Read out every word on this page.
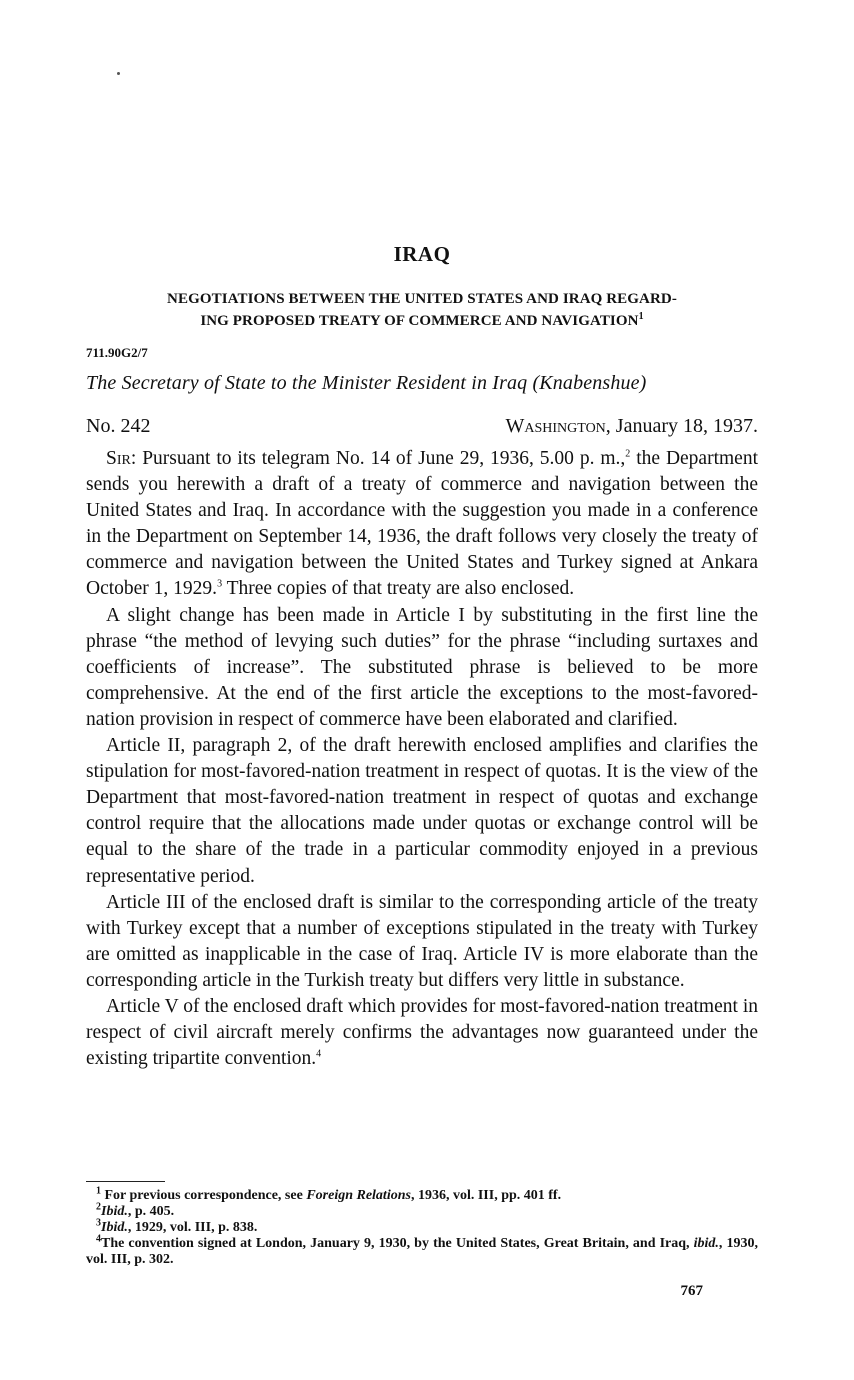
IRAQ
NEGOTIATIONS BETWEEN THE UNITED STATES AND IRAQ REGARD-
ING PROPOSED TREATY OF COMMERCE AND NAVIGATION$^1$
711.90G2/7
The Secretary of State to the Minister Resident in Iraq (Knabenshue)
No. 242	Washington, January 18, 1937.

Sir: Pursuant to its telegram No. 14 of June 29, 1936, 5.00 p. m.,$^2$ the Department sends you herewith a draft of a treaty of commerce and navigation between the United States and Iraq. In accordance with the suggestion you made in a conference in the Department on September 14, 1936, the draft follows very closely the treaty of commerce and navigation between the United States and Turkey signed at Ankara October 1, 1929.$^3$ Three copies of that treaty are also enclosed.

A slight change has been made in Article I by substituting in the first line the phrase “the method of levying such duties” for the phrase “including surtaxes and coefficients of increase”. The substituted phrase is believed to be more comprehensive. At the end of the first article the exceptions to the most-favored-nation provision in respect of commerce have been elaborated and clarified.

Article II, paragraph 2, of the draft herewith enclosed amplifies and clarifies the stipulation for most-favored-nation treatment in respect of quotas. It is the view of the Department that most-favored-nation treatment in respect of quotas and exchange control require that the allocations made under quotas or exchange control will be equal to the share of the trade in a particular commodity enjoyed in a previous representative period.

Article III of the enclosed draft is similar to the corresponding article of the treaty with Turkey except that a number of exceptions stipulated in the treaty with Turkey are omitted as inapplicable in the case of Iraq. Article IV is more elaborate than the corresponding article in the Turkish treaty but differs very little in substance.

Article V of the enclosed draft which provides for most-favored-nation treatment in respect of civil aircraft merely confirms the advantages now guaranteed under the existing tripartite convention.$^4$

$^1$ For previous correspondence, see Foreign Relations, 1936, vol. III, pp. 401 ff.
$^2$Ibid., p. 405.
$^3$Ibid., 1929, vol. III, p. 838.
$^4$The convention signed at London, January 9, 1930, by the United States, Great Britain, and Iraq, ibid., 1930, vol. III, p. 302.
767
